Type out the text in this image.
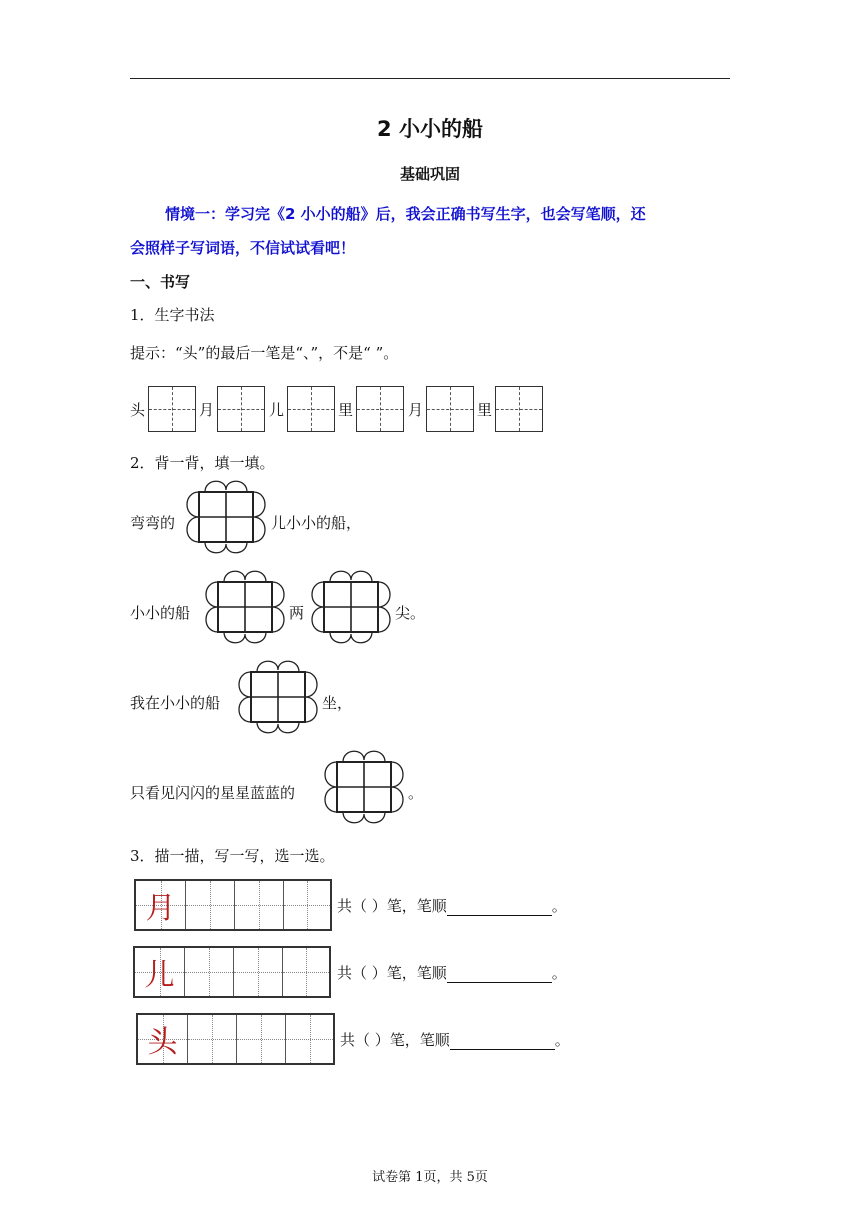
2 小小的船
基础巩固
情境一：学习完《2 小小的船》后，我会正确书写生字，也会写笔顺，还
会照样子写词语，不信试试看吧！
一、书写
1．生字书法
提示：“头”的最后一笔是“、”，不是“ ”。
头	月	儿	里	月	里
2．背一背，填一填。
弯弯的	儿小小的船，
小小的船	两	尖。
我在小小的船	坐，
只看见闪闪的星星蓝蓝的	。
3．描一描，写一写，选一选。
月	共（ ）笔，笔顺	。
儿	共（ ）笔，笔顺	。
头	共（ ）笔，笔顺	。
试卷第 1页，共 5页
